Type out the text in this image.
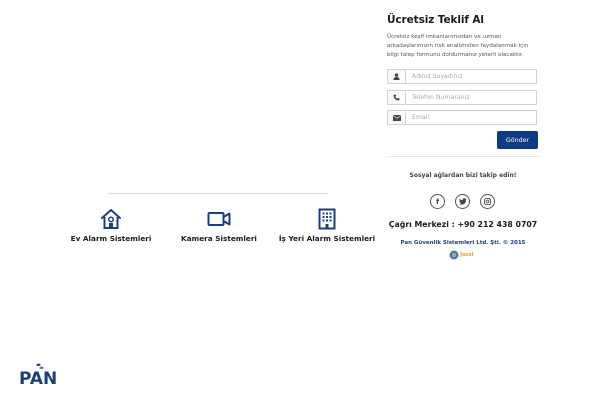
Ücretsiz Teklif Al
Ücretsiz keşif imkanlarımızdan ve uzman arkadaşlarımızın risk analizinden faydalanmak için bilgi talep formunu doldurmanız yeterli olacaktır.
Adınız Soyadınız
Telefon Numaranız
Email
Gönder
Sosyal ağlardan bizi takip edin!
f
Çağrı Merkezi : +90 212 438 0707
Pan Güvenlik Sistemleri Ltd. Şti. © 2015
Josol
Ev Alarm Sistemleri	Kamera Sistemleri	İş Yeri Alarm Sistemleri
PAN
